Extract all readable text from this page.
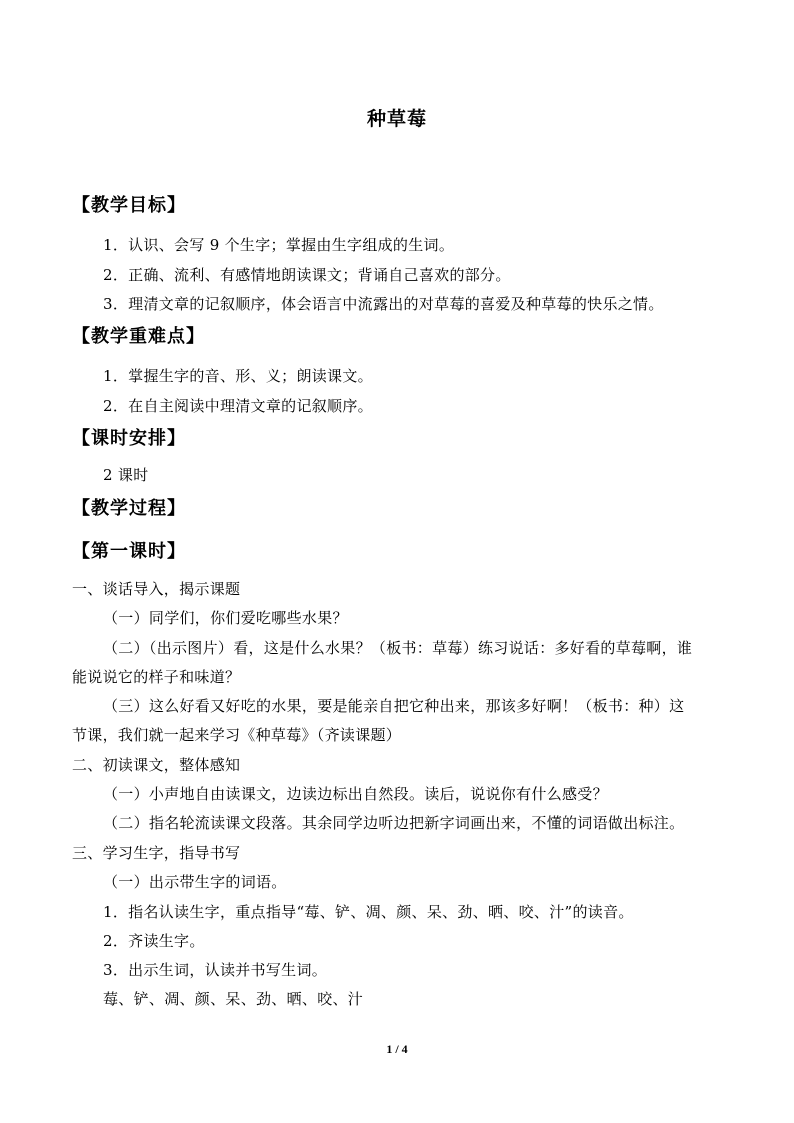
种草莓
【教学目标】
1．认识、会写 9 个生字；掌握由生字组成的生词。
2．正确、流利、有感情地朗读课文；背诵自己喜欢的部分。
3．理清文章的记叙顺序，体会语言中流露出的对草莓的喜爱及种草莓的快乐之情。
【教学重难点】
1．掌握生字的音、形、义；朗读课文。
2．在自主阅读中理清文章的记叙顺序。
【课时安排】
2 课时
【教学过程】
【第一课时】
一、谈话导入，揭示课题
（一）同学们，你们爱吃哪些水果？
（二）（出示图片）看，这是什么水果？（板书：草莓）练习说话：多好看的草莓啊，谁
能说说它的样子和味道？
（三）这么好看又好吃的水果，要是能亲自把它种出来，那该多好啊！（板书：种）这
节课，我们就一起来学习《种草莓》（齐读课题）
二、初读课文，整体感知
（一）小声地自由读课文，边读边标出自然段。读后，说说你有什么感受？
（二）指名轮流读课文段落。其余同学边听边把新字词画出来，不懂的词语做出标注。
三、学习生字，指导书写
（一）出示带生字的词语。
1．指名认读生字，重点指导“莓、铲、凋、颜、呆、劲、晒、咬、汁”的读音。
2．齐读生字。
3．出示生词，认读并书写生词。
莓、铲、凋、颜、呆、劲、晒、咬、汁
1 / 4
